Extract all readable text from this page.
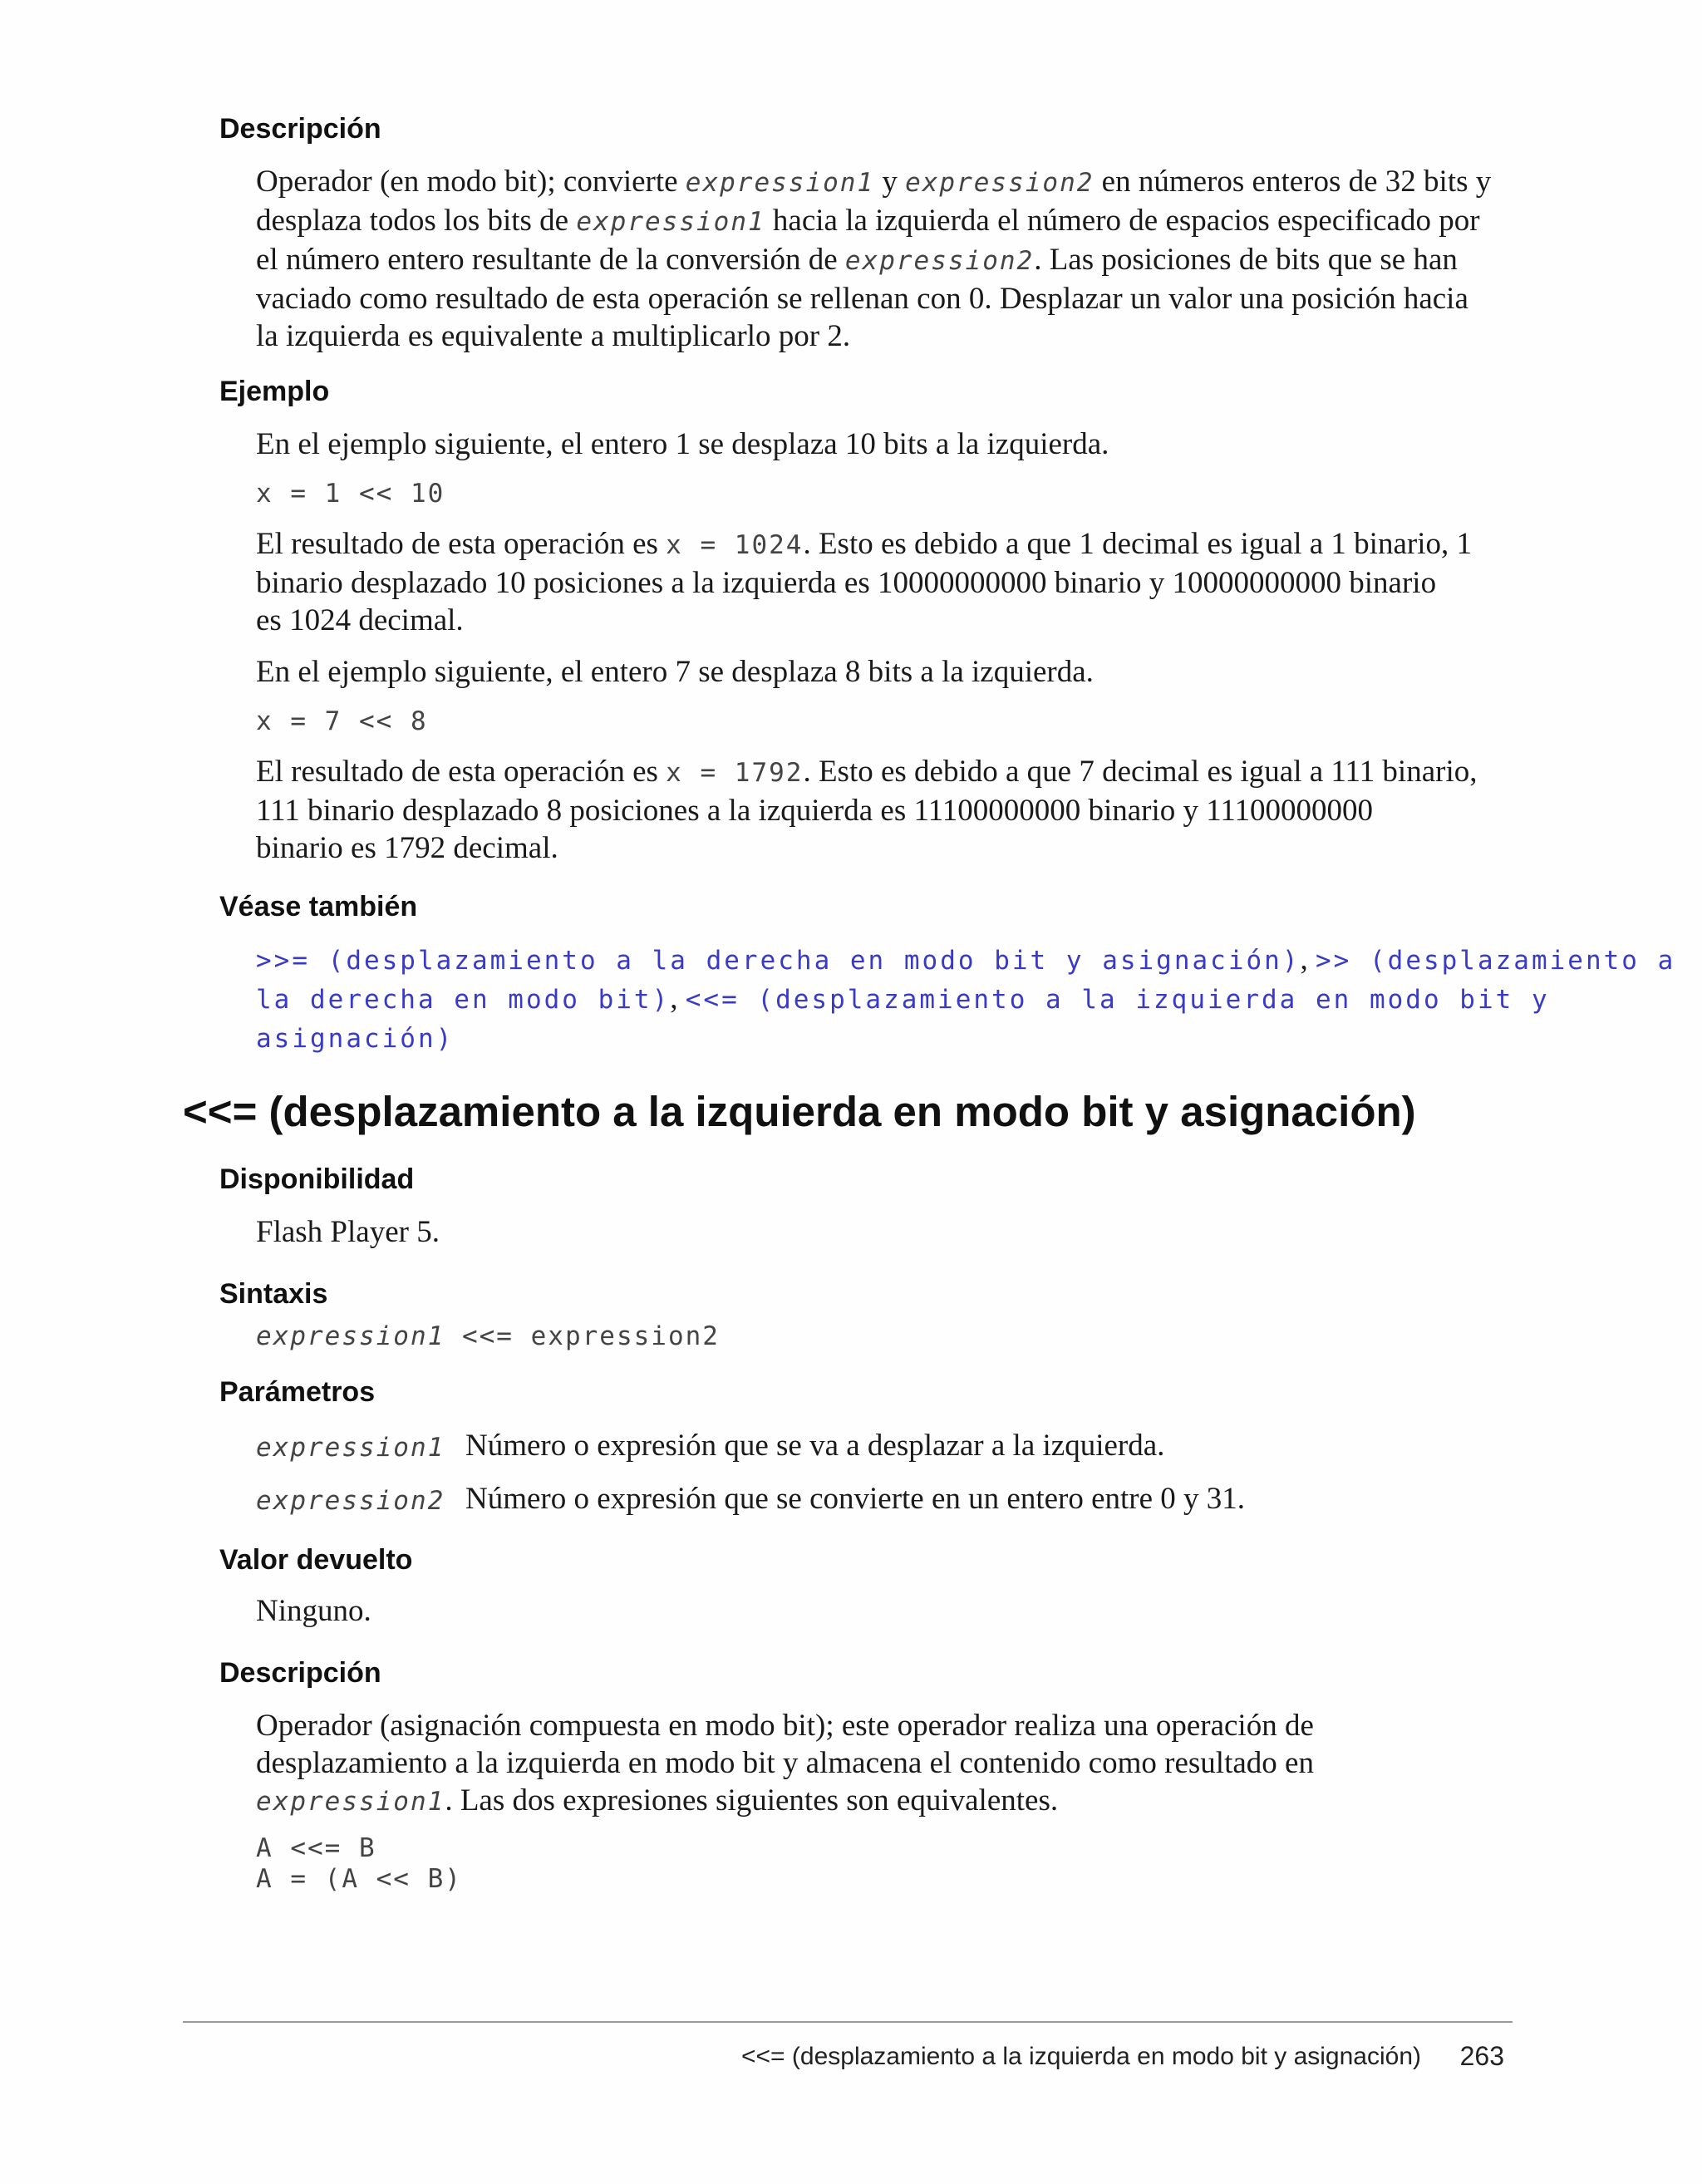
Descripción
Operador (en modo bit); convierte expression1 y expression2 en números enteros de 32 bits y
desplaza todos los bits de expression1 hacia la izquierda el número de espacios especificado por
el número entero resultante de la conversión de expression2. Las posiciones de bits que se han
vaciado como resultado de esta operación se rellenan con 0. Desplazar un valor una posición hacia
la izquierda es equivalente a multiplicarlo por 2.
Ejemplo

En el ejemplo siguiente, el entero 1 se desplaza 10 bits a la izquierda.

x = 1 << 10
El resultado de esta operación es x = 1024. Esto es debido a que 1 decimal es igual a 1 binario, 1
binario desplazado 10 posiciones a la izquierda es 10000000000 binario y 10000000000 binario
es 1024 decimal.

En el ejemplo siguiente, el entero 7 se desplaza 8 bits a la izquierda.

x = 7 << 8
El resultado de esta operación es x = 1792. Esto es debido a que 7 decimal es igual a 111 binario,
111 binario desplazado 8 posiciones a la izquierda es 11100000000 binario y 11100000000
binario es 1792 decimal.
Véase también
>>= (desplazamiento a la derecha en modo bit y asignación), >> (desplazamiento a
la derecha en modo bit), <<= (desplazamiento a la izquierda en modo bit y
asignación)
<<= (desplazamiento a la izquierda en modo bit y asignación)
Disponibilidad

Flash Player 5.

Sintaxis
expression1 <<= expression2
Parámetros
expression1 Número o expresión que se va a desplazar a la izquierda.
expression2 Número o expresión que se convierte en un entero entre 0 y 31.
Valor devuelto

Ninguno.

Descripción
Operador (asignación compuesta en modo bit); este operador realiza una operación de
desplazamiento a la izquierda en modo bit y almacena el contenido como resultado en
expression1. Las dos expresiones siguientes son equivalentes.
A <<= B
A = (A << B)
<<= (desplazamiento a la izquierda en modo bit y asignación) 263
